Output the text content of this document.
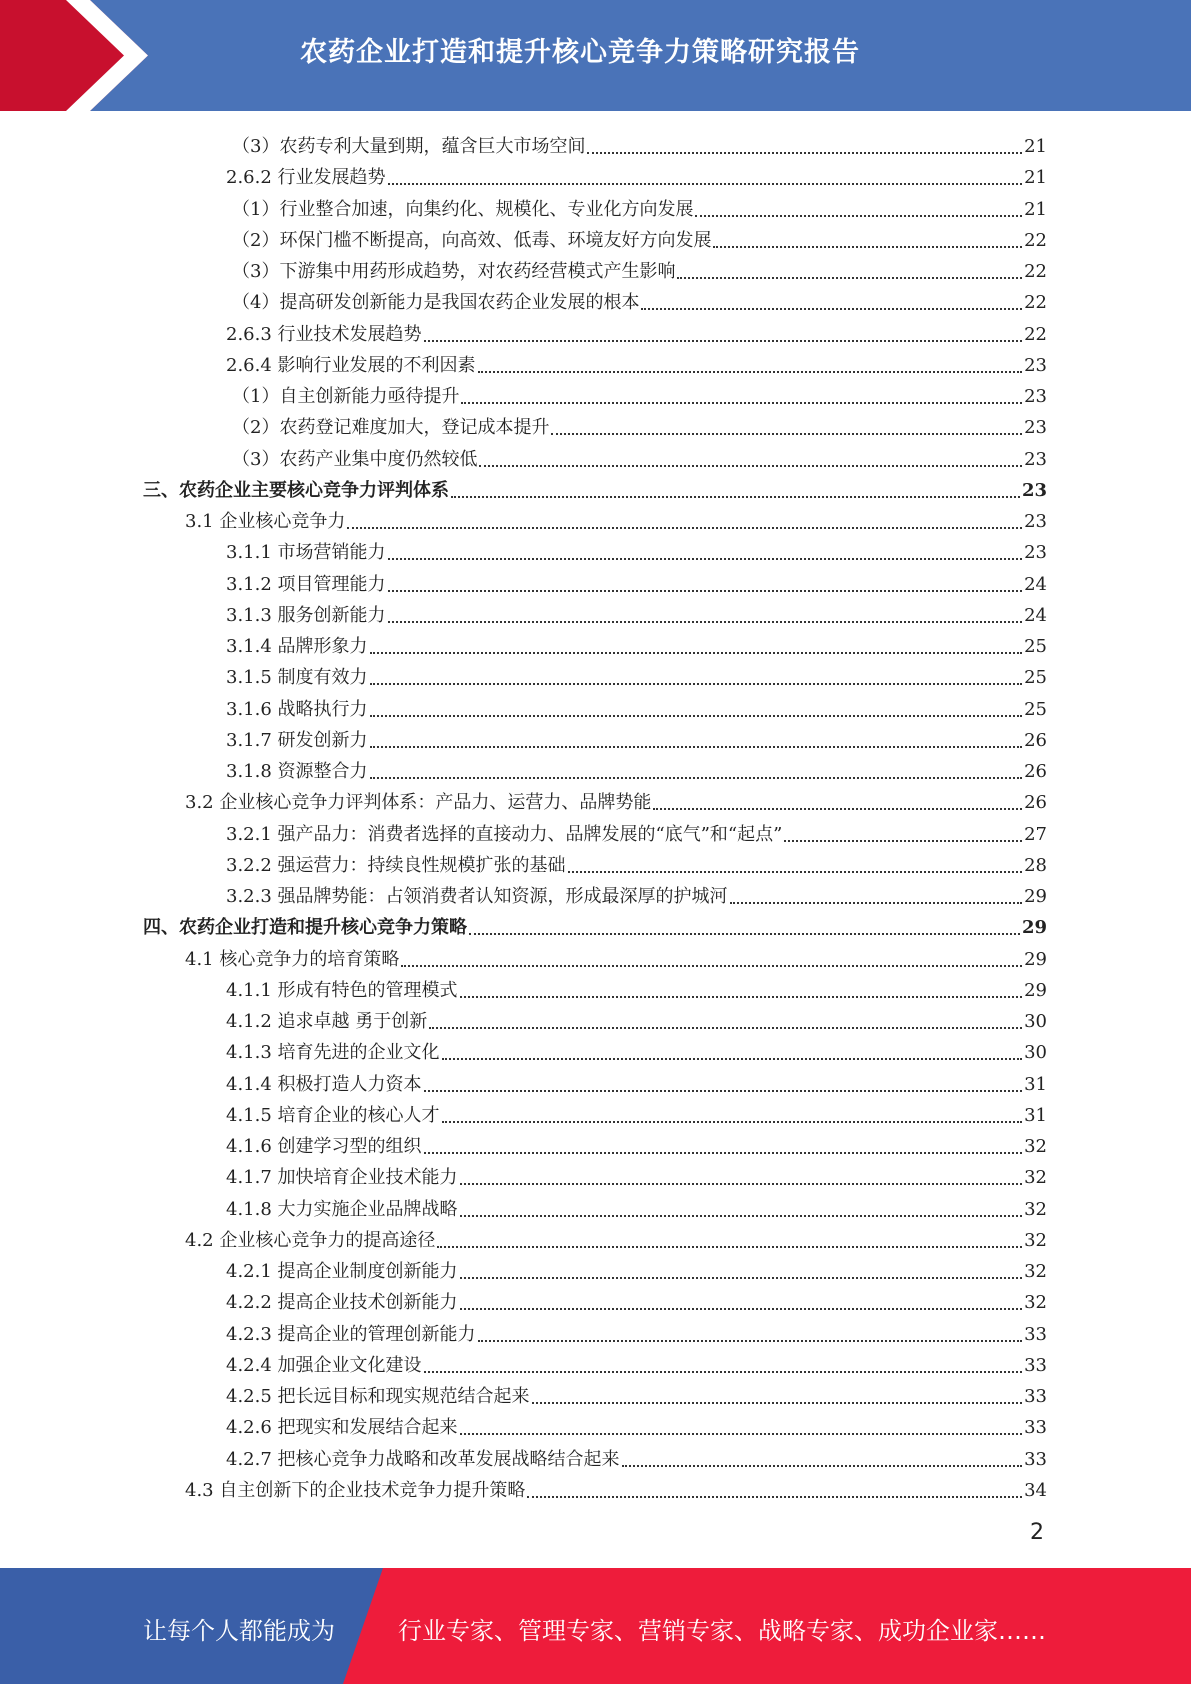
农药企业打造和提升核心竞争力策略研究报告
（3）农药专利大量到期，蕴含巨大市场空间	21
2.6.2 行业发展趋势	21
（1）行业整合加速，向集约化、规模化、专业化方向发展	21
（2）环保门槛不断提高，向高效、低毒、环境友好方向发展	22
（3）下游集中用药形成趋势，对农药经营模式产生影响	22
（4）提高研发创新能力是我国农药企业发展的根本	22
2.6.3 行业技术发展趋势	22
2.6.4 影响行业发展的不利因素	23
（1）自主创新能力亟待提升	23
（2）农药登记难度加大，登记成本提升	23
（3）农药产业集中度仍然较低	23
三、农药企业主要核心竞争力评判体系	23
3.1 企业核心竞争力	23
3.1.1 市场营销能力	23
3.1.2 项目管理能力	24
3.1.3 服务创新能力	24
3.1.4 品牌形象力	25
3.1.5 制度有效力	25
3.1.6 战略执行力	25
3.1.7 研发创新力	26
3.1.8 资源整合力	26
3.2 企业核心竞争力评判体系：产品力、运营力、品牌势能	26
3.2.1 强产品力：消费者选择的直接动力、品牌发展的“底气”和“起点”	27
3.2.2 强运营力：持续良性规模扩张的基础	28
3.2.3 强品牌势能：占领消费者认知资源，形成最深厚的护城河	29
四、农药企业打造和提升核心竞争力策略	29
4.1 核心竞争力的培育策略	29
4.1.1 形成有特色的管理模式	29
4.1.2 追求卓越 勇于创新	30
4.1.3 培育先进的企业文化	30
4.1.4 积极打造人力资本	31
4.1.5 培育企业的核心人才	31
4.1.6 创建学习型的组织	32
4.1.7 加快培育企业技术能力	32
4.1.8 大力实施企业品牌战略	32
4.2 企业核心竞争力的提高途径	32
4.2.1 提高企业制度创新能力	32
4.2.2 提高企业技术创新能力	32
4.2.3 提高企业的管理创新能力	33
4.2.4 加强企业文化建设	33
4.2.5 把长远目标和现实规范结合起来	33
4.2.6 把现实和发展结合起来	33
4.2.7 把核心竞争力战略和改革发展战略结合起来	33
4.3 自主创新下的企业技术竞争力提升策略	34
2
让每个人都能成为	行业专家、管理专家、营销专家、战略专家、成功企业家……
